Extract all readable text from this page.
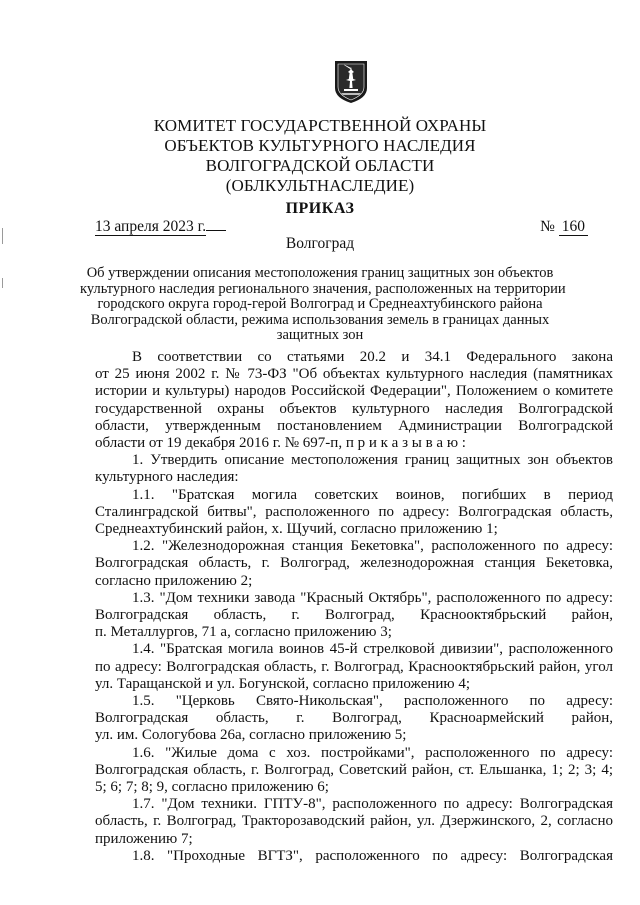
КОМИТЕТ ГОСУДАРСТВЕННОЙ ОХРАНЫ
ОБЪЕКТОВ КУЛЬТУРНОГО НАСЛЕДИЯ
ВОЛГОГРАДСКОЙ ОБЛАСТИ
(ОБЛКУЛЬТНАСЛЕДИЕ)
ПРИКАЗ
13 апреля 2023 г.	№ 160
Волгоград
Об утверждении описания местоположения границ защитных зон объектов
культурного наследия регионального значения, расположенных на территории
городского округа город-герой Волгоград и Среднеахтубинского района
Волгоградской области, режима использования земель в границах данных
защитных зон
В соответствии со статьями 20.2 и 34.1 Федерального закона
от 25 июня 2002 г. № 73-ФЗ "Об объектах культурного наследия (памятниках
истории и культуры) народов Российской Федерации", Положением о комитете
государственной охраны объектов культурного наследия Волгоградской
области, утвержденным постановлением Администрации Волгоградской
области от 19 декабря 2016 г. № 697-п, п р и к а з ы в а ю :
1. Утвердить описание местоположения границ защитных зон объектов
культурного наследия:
1.1. "Братская могила советских воинов, погибших в период
Сталинградской битвы", расположенного по адресу: Волгоградская область,
Среднеахтубинский район, х. Щучий, согласно приложению 1;
1.2. "Железнодорожная станция Бекетовка", расположенного по адресу:
Волгоградская область, г. Волгоград, железнодорожная станция Бекетовка,
согласно приложению 2;
1.3. "Дом техники завода "Красный Октябрь", расположенного по адресу:
Волгоградская область, г. Волгоград, Краснооктябрьский район,
п. Металлургов, 71 а, согласно приложению 3;
1.4. "Братская могила воинов 45-й стрелковой дивизии", расположенного
по адресу: Волгоградская область, г. Волгоград, Краснооктябрьский район, угол
ул. Таращанской и ул. Богунской, согласно приложению 4;
1.5. "Церковь Свято-Никольская", расположенного по адресу:
Волгоградская область, г. Волгоград, Красноармейский район,
ул. им. Сологубова 26а, согласно приложению 5;
1.6. "Жилые дома с хоз. постройками", расположенного по адресу:
Волгоградская область, г. Волгоград, Советский район, ст. Ельшанка, 1; 2; 3; 4;
5; 6; 7; 8; 9, согласно приложению 6;
1.7. "Дом техники. ГПТУ-8", расположенного по адресу: Волгоградская
область, г. Волгоград, Тракторозаводский район, ул. Дзержинского, 2, согласно
приложению 7;
1.8. "Проходные ВГТЗ", расположенного по адресу: Волгоградская
